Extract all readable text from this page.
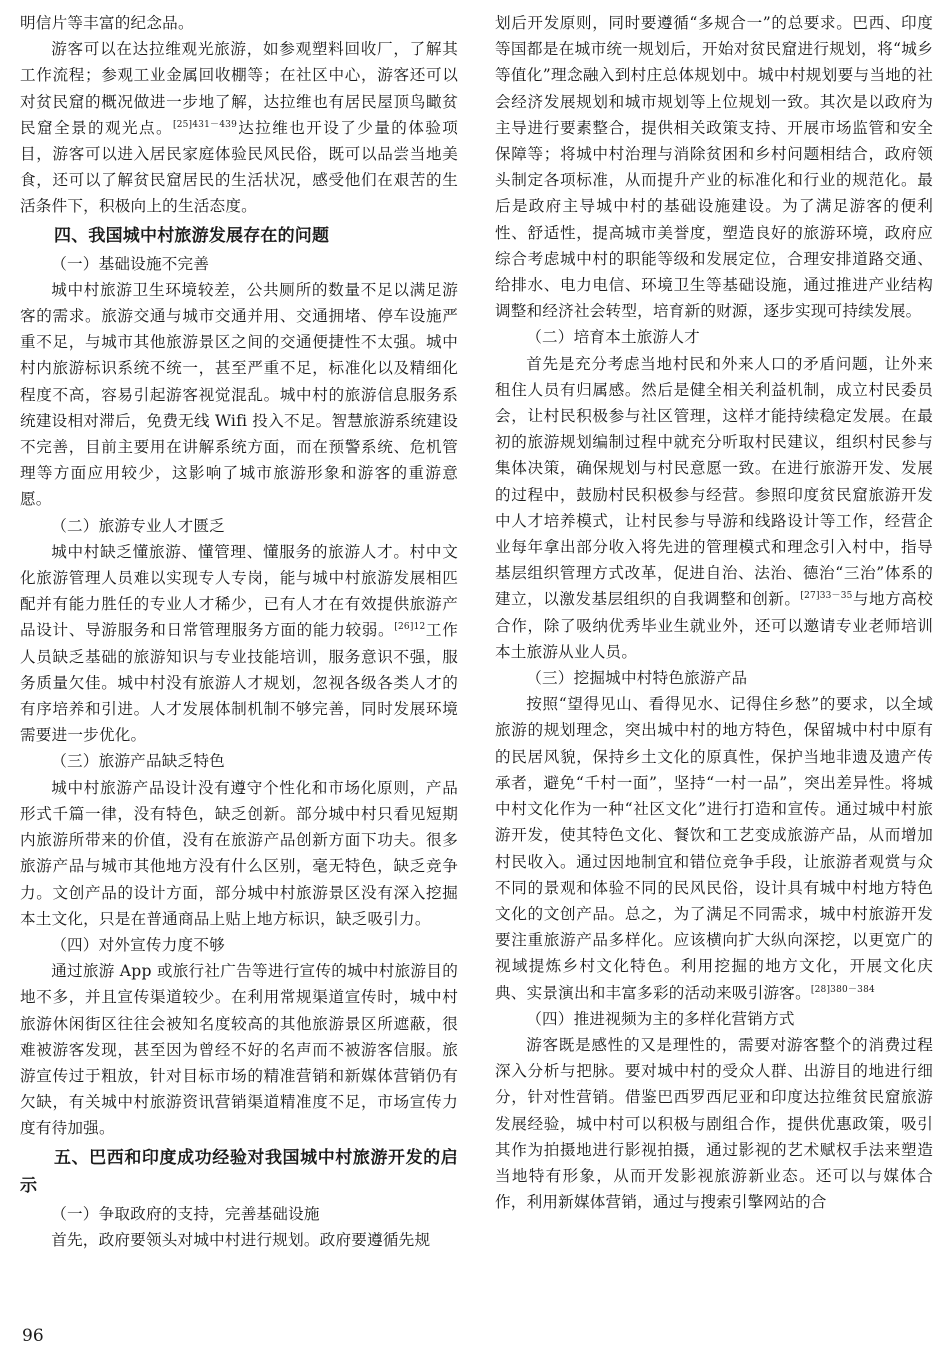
明信片等丰富的纪念品。

游客可以在达拉维观光旅游，如参观塑料回收厂，了解其工作流程；参观工业金属回收棚等；在社区中心，游客还可以对贫民窟的概况做进一步地了解，达拉维也有居民屋顶鸟瞰贫民窟全景的观光点。$^{[25]431-439}$达拉维也开设了少量的体验项目，游客可以进入居民家庭体验民风民俗，既可以品尝当地美食，还可以了解贫民窟居民的生活状况，感受他们在艰苦的生活条件下，积极向上的生活态度。

四、我国城中村旅游发展存在的问题

（一）基础设施不完善

城中村旅游卫生环境较差，公共厕所的数量不足以满足游客的需求。旅游交通与城市交通并用、交通拥堵、停车设施严重不足，与城市其他旅游景区之间的交通便捷性不太强。城中村内旅游标识系统不统一，甚至严重不足，标准化以及精细化程度不高，容易引起游客视觉混乱。城中村的旅游信息服务系统建设相对滞后，免费无线 Wifi 投入不足。智慧旅游系统建设不完善，目前主要用在讲解系统方面，而在预警系统、危机管理等方面应用较少，这影响了城市旅游形象和游客的重游意愿。

（二）旅游专业人才匮乏

城中村缺乏懂旅游、懂管理、懂服务的旅游人才。村中文化旅游管理人员难以实现专人专岗，能与城中村旅游发展相匹配并有能力胜任的专业人才稀少，已有人才在有效提供旅游产品设计、导游服务和日常管理服务方面的能力较弱。$^{[26]12}$工作人员缺乏基础的旅游知识与专业技能培训，服务意识不强，服务质量欠佳。城中村没有旅游人才规划，忽视各级各类人才的有序培养和引进。人才发展体制机制不够完善，同时发展环境需要进一步优化。

（三）旅游产品缺乏特色

城中村旅游产品设计没有遵守个性化和市场化原则，产品形式千篇一律，没有特色，缺乏创新。部分城中村只看见短期内旅游所带来的价值，没有在旅游产品创新方面下功夫。很多旅游产品与城市其他地方没有什么区别，毫无特色，缺乏竞争力。文创产品的设计方面，部分城中村旅游景区没有深入挖掘本土文化，只是在普通商品上贴上地方标识，缺乏吸引力。

（四）对外宣传力度不够

通过旅游 App 或旅行社广告等进行宣传的城中村旅游目的地不多，并且宣传渠道较少。在利用常规渠道宣传时，城中村旅游休闲街区往往会被知名度较高的其他旅游景区所遮蔽，很难被游客发现，甚至因为曾经不好的名声而不被游客信服。旅游宣传过于粗放，针对目标市场的精准营销和新媒体营销仍有欠缺，有关城中村旅游资讯营销渠道精准度不足，市场宣传力度有待加强。

五、巴西和印度成功经验对我国城中村旅游开发的启示

（一）争取政府的支持，完善基础设施

首先，政府要领头对城中村进行规划。政府要遵循先规

划后开发原则，同时要遵循“多规合一”的总要求。巴西、印度等国都是在城市统一规划后，开始对贫民窟进行规划，将“城乡等值化”理念融入到村庄总体规划中。城中村规划要与当地的社会经济发展规划和城市规划等上位规划一致。其次是以政府为主导进行要素整合，提供相关政策支持、开展市场监管和安全保障等；将城中村治理与消除贫困和乡村问题相结合，政府领头制定各项标准，从而提升产业的标准化和行业的规范化。最后是政府主导城中村的基础设施建设。为了满足游客的便利性、舒适性，提高城市美誉度，塑造良好的旅游环境，政府应综合考虑城中村的职能等级和发展定位，合理安排道路交通、给排水、电力电信、环境卫生等基础设施，通过推进产业结构调整和经济社会转型，培育新的财源，逐步实现可持续发展。

（二）培育本土旅游人才

首先是充分考虑当地村民和外来人口的矛盾问题，让外来租住人员有归属感。然后是健全相关利益机制，成立村民委员会，让村民积极参与社区管理，这样才能持续稳定发展。在最初的旅游规划编制过程中就充分听取村民建议，组织村民参与集体决策，确保规划与村民意愿一致。在进行旅游开发、发展的过程中，鼓励村民积极参与经营。参照印度贫民窟旅游开发中人才培养模式，让村民参与导游和线路设计等工作，经营企业每年拿出部分收入将先进的管理模式和理念引入村中，指导基层组织管理方式改革，促进自治、法治、德治“三治”体系的建立，以激发基层组织的自我调整和创新。$^{[27]33-35}$与地方高校合作，除了吸纳优秀毕业生就业外，还可以邀请专业老师培训本土旅游从业人员。

（三）挖掘城中村特色旅游产品

按照“望得见山、看得见水、记得住乡愁”的要求，以全域旅游的规划理念，突出城中村的地方特色，保留城中村中原有的民居风貌，保持乡土文化的原真性，保护当地非遗及遗产传承者，避免“千村一面”，坚持“一村一品”，突出差异性。将城中村文化作为一种“社区文化”进行打造和宣传。通过城中村旅游开发，使其特色文化、餐饮和工艺变成旅游产品，从而增加村民收入。通过因地制宜和错位竞争手段，让旅游者观赏与众不同的景观和体验不同的民风民俗，设计具有城中村地方特色文化的文创产品。总之，为了满足不同需求，城中村旅游开发要注重旅游产品多样化。应该横向扩大纵向深挖，以更宽广的视域提炼乡村文化特色。利用挖掘的地方文化，开展文化庆典、实景演出和丰富多彩的活动来吸引游客。$^{[28]380-384}$

（四）推进视频为主的多样化营销方式

游客既是感性的又是理性的，需要对游客整个的消费过程深入分析与把脉。要对城中村的受众人群、出游目的地进行细分，针对性营销。借鉴巴西罗西尼亚和印度达拉维贫民窟旅游发展经验，城中村可以积极与剧组合作，提供优惠政策，吸引其作为拍摄地进行影视拍摄，通过影视的艺术赋权手法来塑造当地特有形象，从而开发影视旅游新业态。还可以与媒体合作，利用新媒体营销，通过与搜索引擎网站的合

96
